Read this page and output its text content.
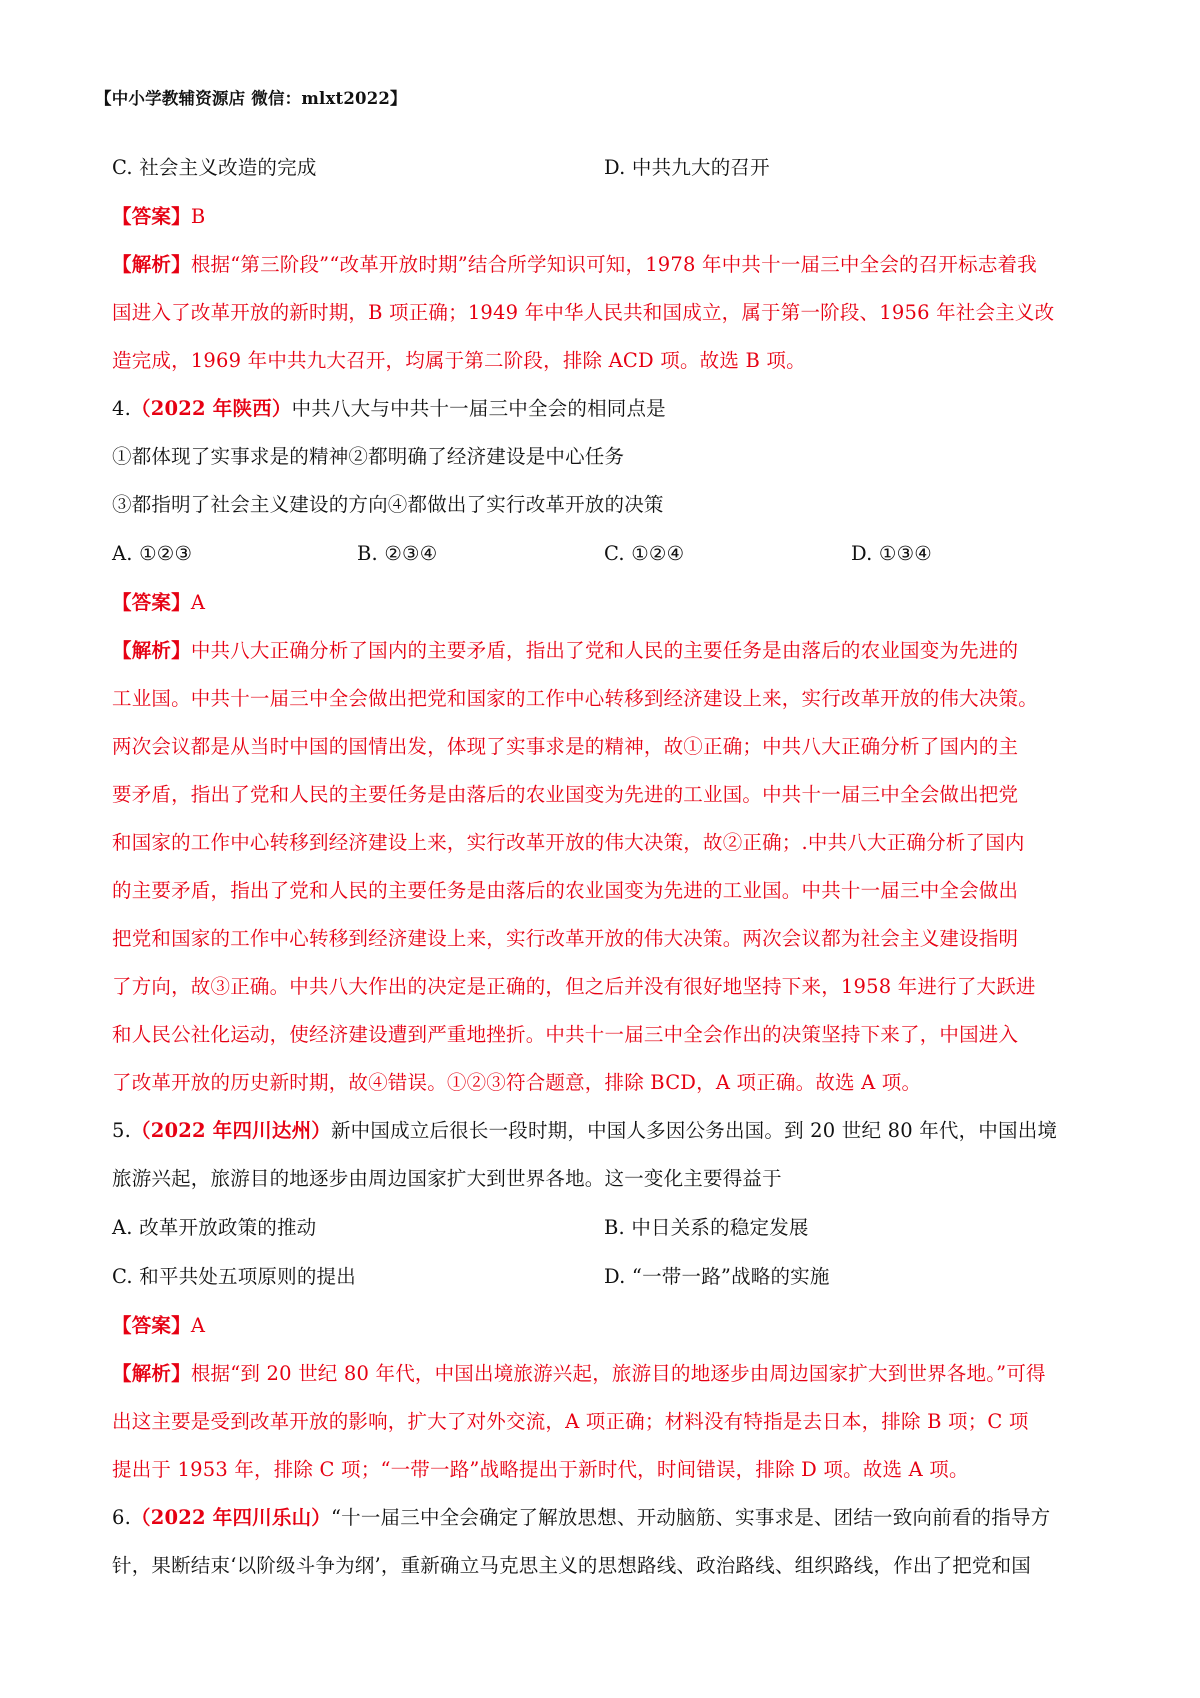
【中小学教辅资源店 微信：mlxt2022】
C. 社会主义改造的完成	D. 中共九大的召开
【答案】B
【解析】根据“第三阶段”“改革开放时期”结合所学知识可知，1978 年中共十一届三中全会的召开标志着我
国进入了改革开放的新时期，B 项正确；1949 年中华人民共和国成立，属于第一阶段、1956 年社会主义改
造完成，1969 年中共九大召开，均属于第二阶段，排除 ACD 项。故选 B 项。
4.（2022 年陕西）中共八大与中共十一届三中全会的相同点是
①都体现了实事求是的精神②都明确了经济建设是中心任务
③都指明了社会主义建设的方向④都做出了实行改革开放的决策
A. ①②③	B. ②③④	C. ①②④	D. ①③④
【答案】A
【解析】中共八大正确分析了国内的主要矛盾，指出了党和人民的主要任务是由落后的农业国变为先进的
工业国。中共十一届三中全会做出把党和国家的工作中心转移到经济建设上来，实行改革开放的伟大决策。
两次会议都是从当时中国的国情出发，体现了实事求是的精神，故①正确；中共八大正确分析了国内的主
要矛盾，指出了党和人民的主要任务是由落后的农业国变为先进的工业国。中共十一届三中全会做出把党
和国家的工作中心转移到经济建设上来，实行改革开放的伟大决策，故②正确；.中共八大正确分析了国内
的主要矛盾，指出了党和人民的主要任务是由落后的农业国变为先进的工业国。中共十一届三中全会做出
把党和国家的工作中心转移到经济建设上来，实行改革开放的伟大决策。两次会议都为社会主义建设指明
了方向，故③正确。中共八大作出的决定是正确的，但之后并没有很好地坚持下来，1958 年进行了大跃进
和人民公社化运动，使经济建设遭到严重地挫折。中共十一届三中全会作出的决策坚持下来了，中国进入
了改革开放的历史新时期，故④错误。①②③符合题意，排除 BCD，A 项正确。故选 A 项。
5.（2022 年四川达州）新中国成立后很长一段时期，中国人多因公务出国。到 20 世纪 80 年代，中国出境
旅游兴起，旅游目的地逐步由周边国家扩大到世界各地。这一变化主要得益于
A. 改革开放政策的推动	B. 中日关系的稳定发展
C. 和平共处五项原则的提出	D. “一带一路”战略的实施
【答案】A
【解析】根据“到 20 世纪 80 年代，中国出境旅游兴起，旅游目的地逐步由周边国家扩大到世界各地。”可得
出这主要是受到改革开放的影响，扩大了对外交流，A 项正确；材料没有特指是去日本，排除 B 项；C 项
提出于 1953 年，排除 C 项；“一带一路”战略提出于新时代，时间错误，排除 D 项。故选 A 项。
6.（2022 年四川乐山）“十一届三中全会确定了解放思想、开动脑筋、实事求是、团结一致向前看的指导方
针，果断结束‘以阶级斗争为纲’，重新确立马克思主义的思想路线、政治路线、组织路线，作出了把党和国
